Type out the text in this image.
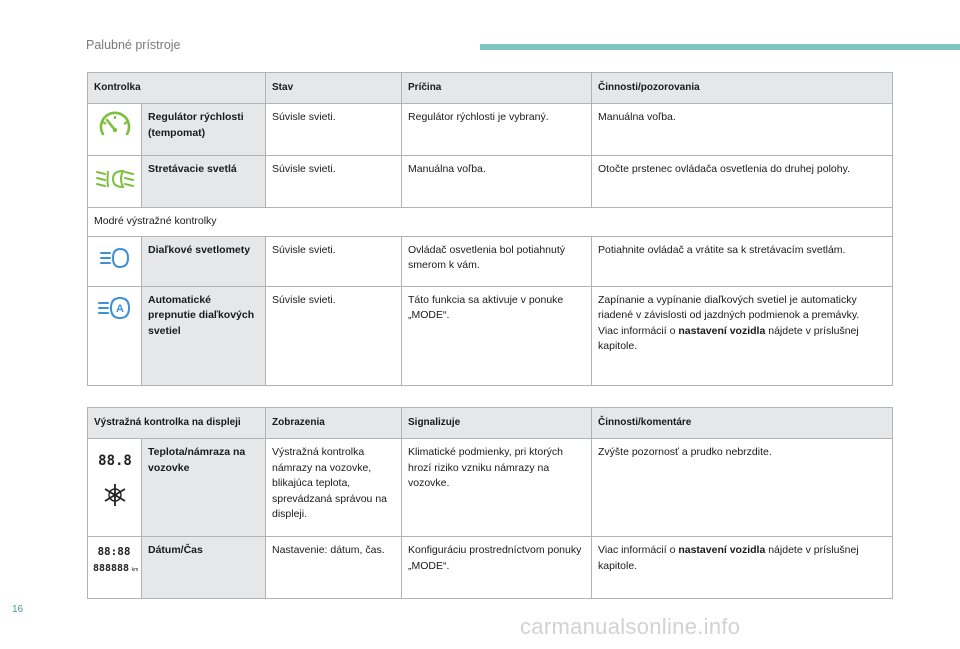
Palubné prístroje
Kontrolka		Stav	Príčina	Činnosti/pozorovania

	Regulátor rýchlosti (tempomat)	Súvisle svieti.	Regulátor rýchlosti je vybraný.	Manuálna voľba.

	Stretávacie svetlá	Súvisle svieti.	Manuálna voľba.	Otočte prstenec ovládača osvetlenia do druhej polohy.
Modré výstražné kontrolky				

	Diaľkové svetlomety	Súvisle svieti.	Ovládač osvetlenia bol potiahnutý smerom k vám.	Potiahnite ovládač a vrátite sa k stretávacím svetlám.

A	Automatické prepnutie diaľkových svetiel	Súvisle svieti.	Táto funkcia sa aktivuje v ponuke „MODE“.	Zapínanie a vypínanie diaľkových svetiel je automaticky riadené v závislosti od jazdných podmienok a premávky.
Viac informácií o nastavení vozidla nájdete v príslušnej kapitole.
Výstražná kontrolka na displeji		Zobrazenia	Signalizuje	Činnosti/komentáre

88.8	Teplota/námraza na vozovke	Výstražná kontrolka námrazy na vozovke, blikajúca teplota, sprevádzaná správou na displeji.	Klimatické podmienky, pri ktorých hrozí riziko vzniku námrazy na vozovke.	Zvýšte pozornosť a prudko nebrzdite.

88:88
888888 km	Dátum/Čas	Nastavenie: dátum, čas.	Konfiguráciu prostredníctvom ponuky „MODE“.	Viac informácií o nastavení vozidla nájdete v príslušnej kapitole.
16
carmanualsonline.info
